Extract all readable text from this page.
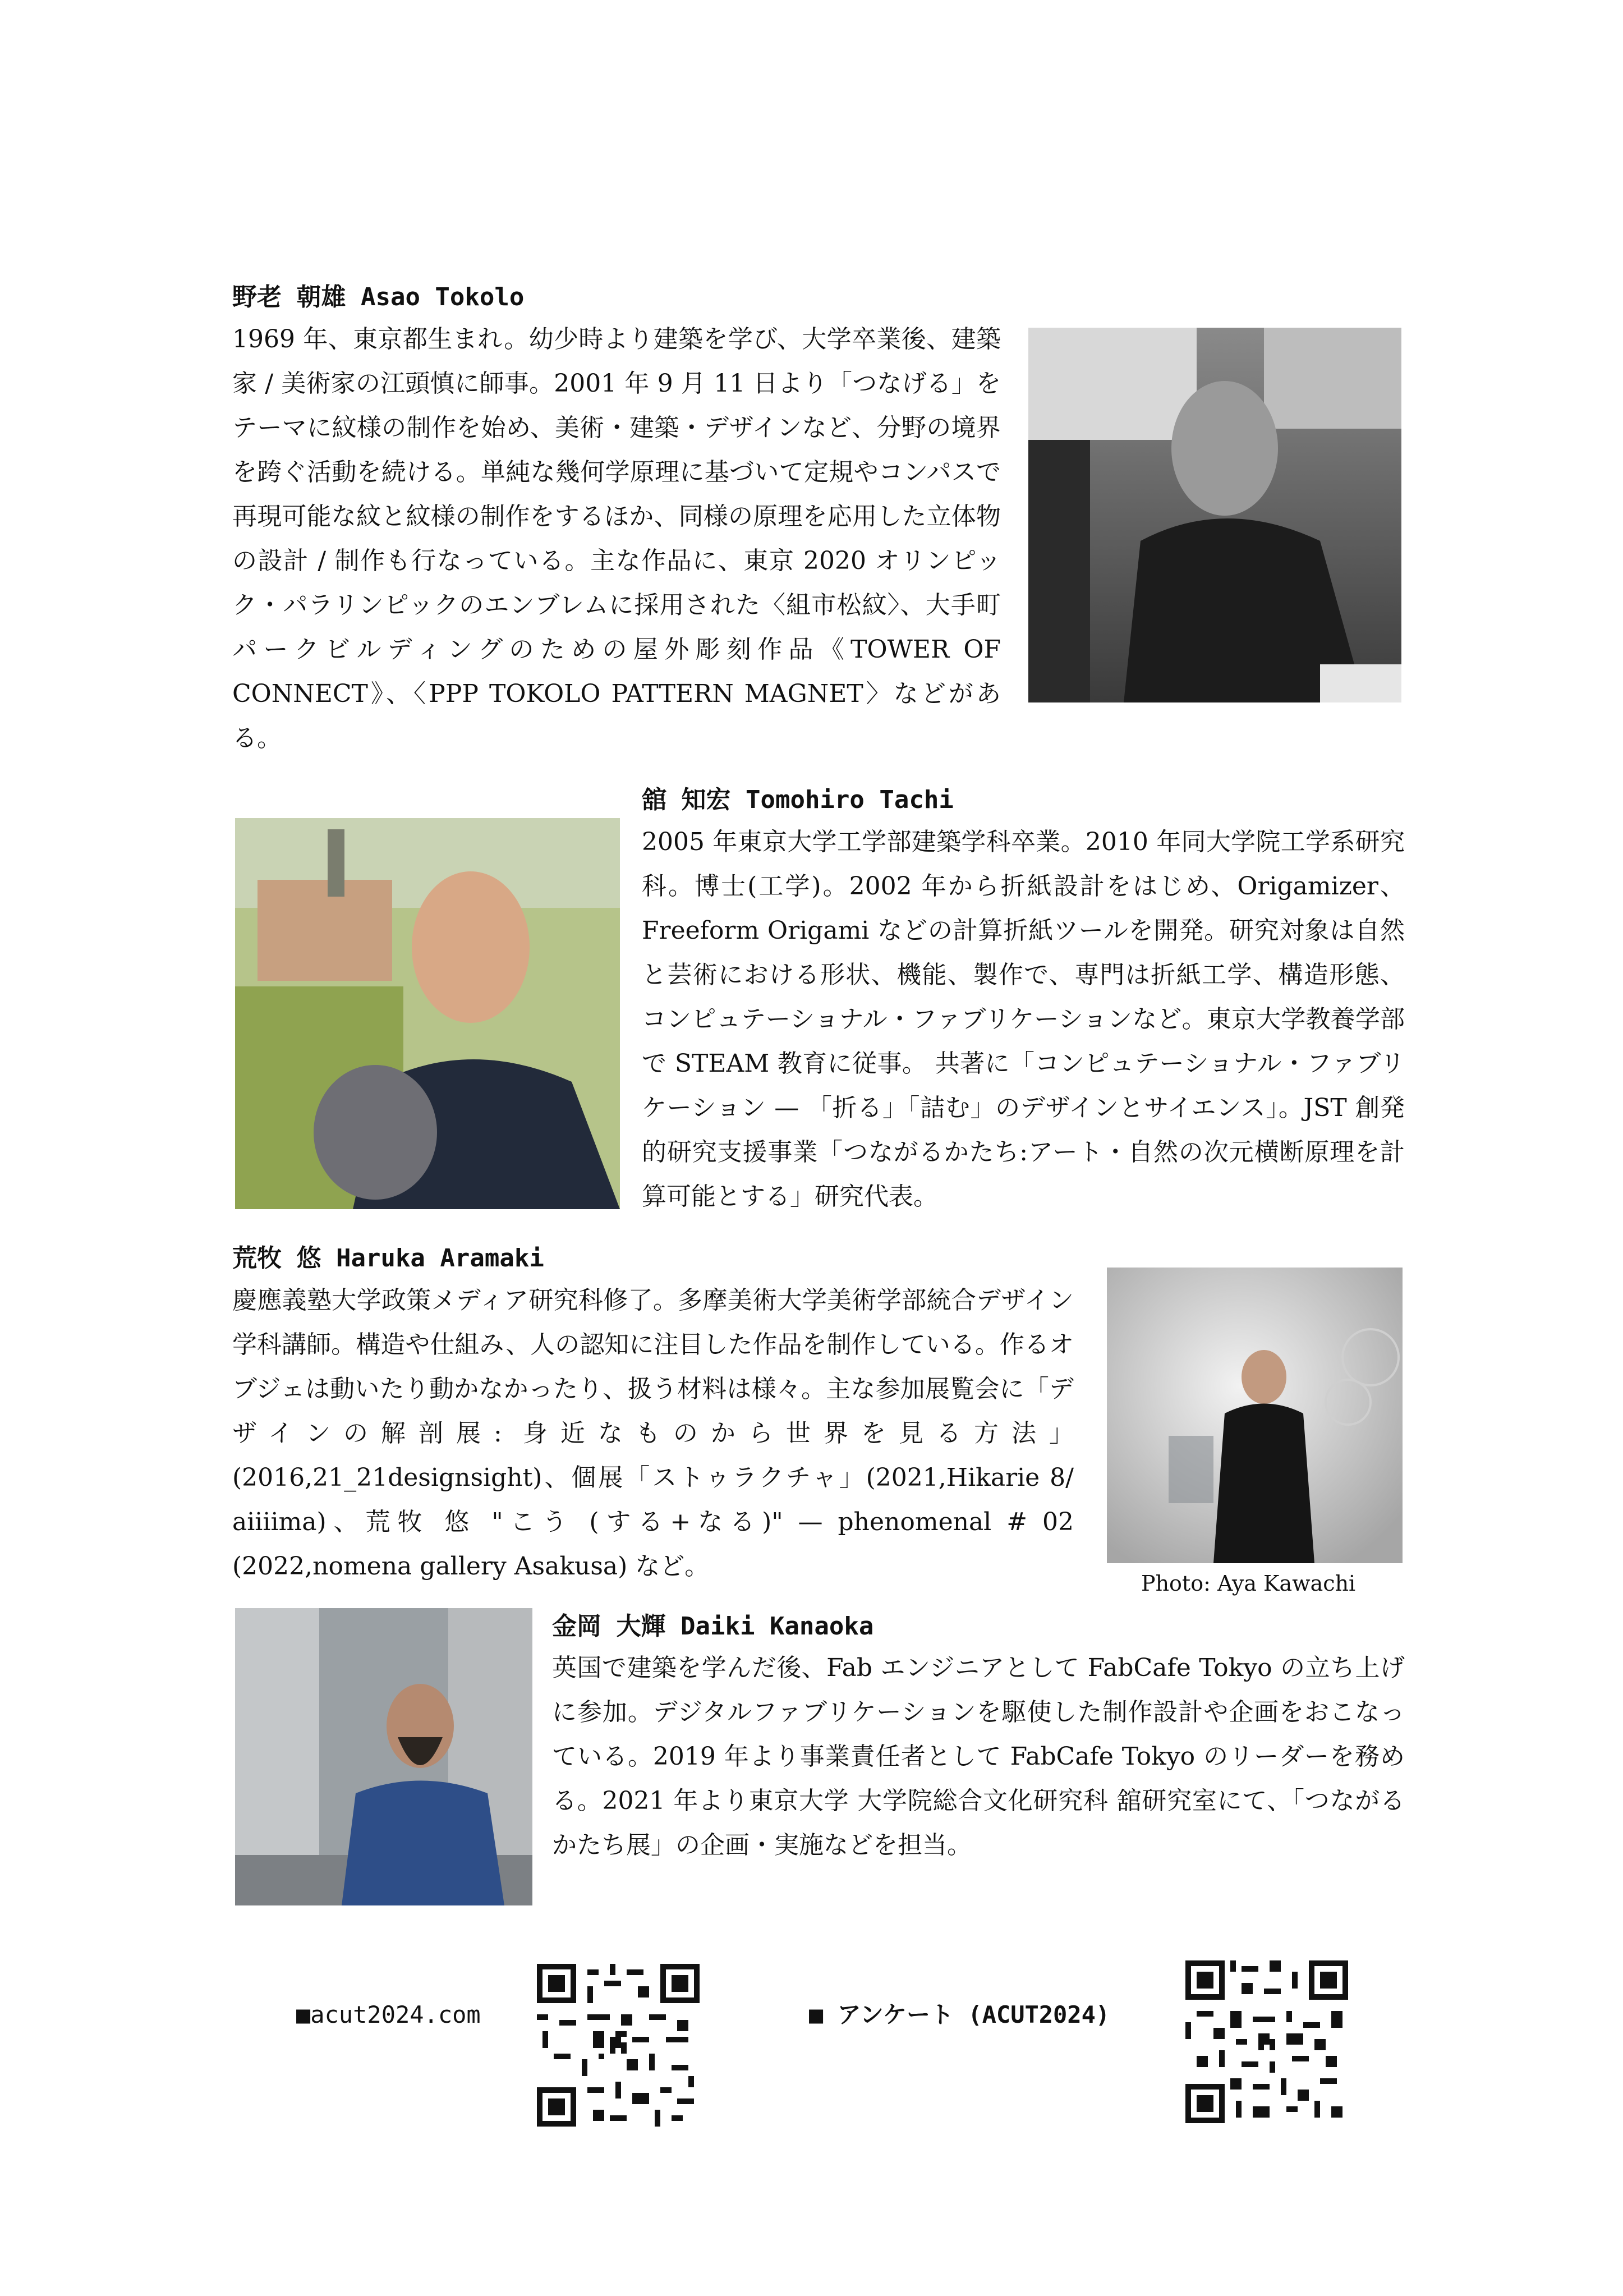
野老 朝雄 Asao Tokolo

1969 年、東京都生まれ。幼少時より建築を学び、大学卒業後、建築家 / 美術家の江頭慎に師事。2001 年 9 月 11 日より「つなげる」をテーマに紋様の制作を始め、美術・建築・デザインなど、分野の境界を跨ぐ活動を続ける。単純な幾何学原理に基づいて定規やコンパスで再現可能な紋と紋様の制作をするほか、同様の原理を応用した立体物の設計 / 制作も行なっている。主な作品に、東京 2020 オリンピック・パラリンピックのエンブレムに採用された〈組市松紋〉、大手町パークビルディングのための屋外彫刻作品《TOWER OF CONNECT》、〈PPP TOKOLO PATTERN MAGNET〉などがある。

舘 知宏 Tomohiro Tachi

2005 年東京大学工学部建築学科卒業。2010 年同大学院工学系研究科。博士(工学)。2002 年から折紙設計をはじめ、Origamizer、Freeform Origami などの計算折紙ツールを開発。研究対象は自然と芸術における形状、機能、製作で、専門は折紙工学、構造形態、コンピュテーショナル・ファブリケーションなど。東京大学教養学部で STEAM 教育に従事。 共著に「コンピュテーショナル・ファブリケーション — 「折る」「詰む」のデザインとサイエンス」。JST 創発的研究支援事業「つながるかたち:アート・自然の次元横断原理を計算可能とする」研究代表。

荒牧 悠 Haruka Aramaki

慶應義塾大学政策メディア研究科修了。多摩美術大学美術学部統合デザイン学科講師。構造や仕組み、人の認知に注目した作品を制作している。作るオブジェは動いたり動かなかったり、扱う材料は様々。主な参加展覧会に「デザインの解剖展: 身近なものから世界を見る方法」(2016,21_21designsight)、個展「ストゥラクチャ」(2021,Hikarie 8/ aiiiima)、荒牧 悠 "こう (する+なる)" — phenomenal # 02 (2022,nomena gallery Asakusa) など。

Photo: Aya Kawachi
金岡 大輝 Daiki Kanaoka

英国で建築を学んだ後、Fab エンジニアとして FabCafe Tokyo の立ち上げに参加。デジタルファブリケーションを駆使した制作設計や企画をおこなっている。2019 年より事業責任者として FabCafe Tokyo のリーダーを務める。2021 年より東京大学 大学院総合文化研究科 舘研究室にて、「つながるかたち展」の企画・実施などを担当。

■acut2024.com	■ アンケート (ACUT2024)
